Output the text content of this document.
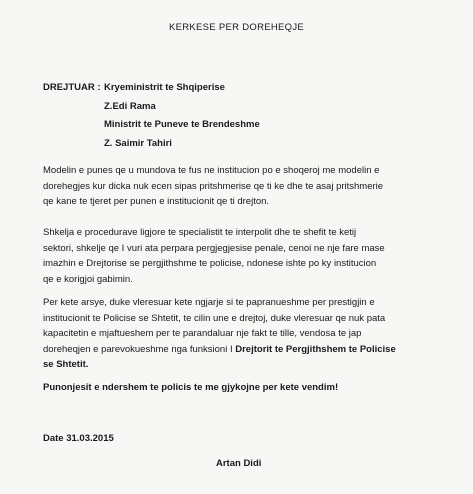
KERKESE PER DOREHEQJE
DREJTUAR : Kryeministrit te Shqiperise
Z.Edi Rama
Ministrit te Puneve te Brendeshme
Z. Saimir Tahiri
Modelin e punes qe u mundova te fus ne institucion po e shoqeroj me modelin e
dorehegjes kur dicka nuk ecen sipas pritshmerise qe ti ke dhe te asaj pritshmerie
qe kane te tjeret per punen e institucionit qe ti drejton.
Shkelja e procedurave ligjore te specialistit te interpolit dhe te shefit te ketij
sektori, shkelje qe I vuri ata perpara pergjegjesise penale, cenoi ne nje fare mase
imazhin e Drejtorise se pergjithshme te policise, ndonese ishte po ky institucion
qe e korigjoi gabimin.
Per kete arsye, duke vleresuar kete ngjarje si te papranueshme per prestigjin e
institucionit te Policise se Shtetit, te cilin une e drejtoj, duke vleresuar qe nuk pata
kapacitetin e mjaftueshem per te parandaluar nje fakt te tille, vendosa te jap
doreheqjen e parevokueshme nga funksioni I Drejtorit te Pergjithshem te Policise
se Shtetit.
Punonjesit e ndershem te policis te me gjykojne per kete vendim!
Date 31.03.2015
Artan Didi
